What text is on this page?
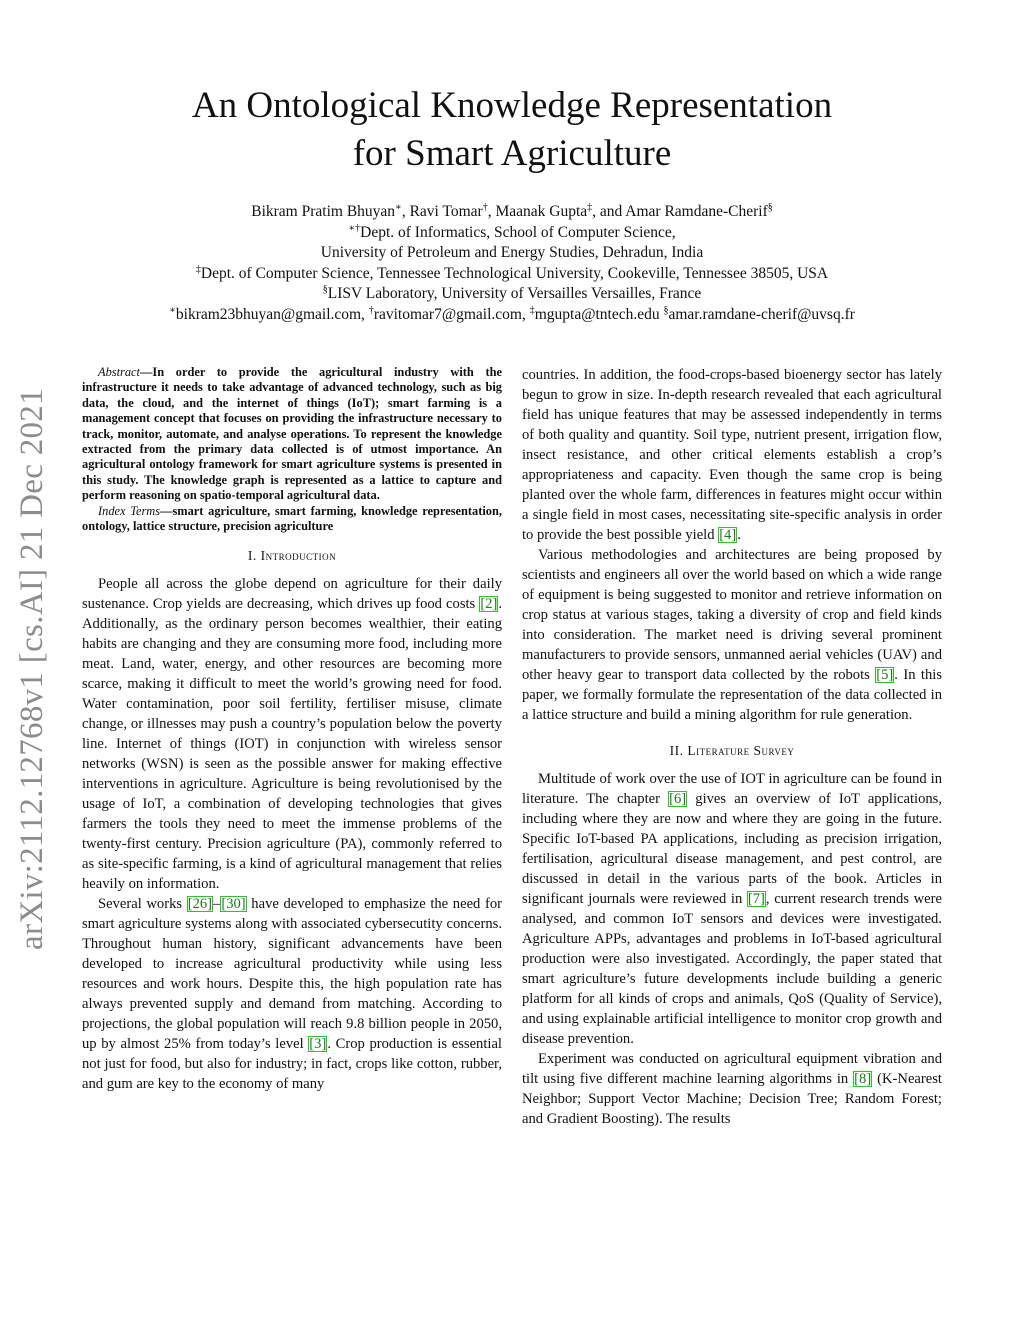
arXiv:2112.12768v1 [cs.AI] 21 Dec 2021
An Ontological Knowledge Representation
for Smart Agriculture
Bikram Pratim Bhuyan∗, Ravi Tomar†, Maanak Gupta‡, and Amar Ramdane-Cherif§
∗†Dept. of Informatics, School of Computer Science,
University of Petroleum and Energy Studies, Dehradun, India
‡Dept. of Computer Science, Tennessee Technological University, Cookeville, Tennessee 38505, USA
§LISV Laboratory, University of Versailles Versailles, France
∗bikram23bhuyan@gmail.com, †ravitomar7@gmail.com, ‡mgupta@tntech.edu §amar.ramdane-cherif@uvsq.fr

Abstract—In order to provide the agricultural industry with the infrastructure it needs to take advantage of advanced technology, such as big data, the cloud, and the internet of things (IoT); smart farming is a management concept that focuses on providing the infrastructure necessary to track, monitor, automate, and analyse operations. To represent the knowledge extracted from the primary data collected is of utmost importance. An agricultural ontology framework for smart agriculture systems is presented in this study. The knowledge graph is represented as a lattice to capture and perform reasoning on spatio-temporal agricultural data.

Index Terms—smart agriculture, smart farming, knowledge representation, ontology, lattice structure, precision agriculture

I. Introduction

People all across the globe depend on agriculture for their daily sustenance. Crop yields are decreasing, which drives up food costs [2]. Additionally, as the ordinary person becomes wealthier, their eating habits are changing and they are consuming more food, including more meat. Land, water, energy, and other resources are becoming more scarce, making it difficult to meet the world’s growing need for food. Water contamination, poor soil fertility, fertiliser misuse, climate change, or illnesses may push a country’s population below the poverty line. Internet of things (IOT) in conjunction with wireless sensor networks (WSN) is seen as the possible answer for making effective interventions in agriculture. Agriculture is being revolutionised by the usage of IoT, a combination of developing technologies that gives farmers the tools they need to meet the immense problems of the twenty-first century. Precision agriculture (PA), commonly referred to as site-specific farming, is a kind of agricultural management that relies heavily on information.

Several works [26]–[30] have developed to emphasize the need for smart agriculture systems along with associated cybersecutity concerns. Throughout human history, significant advancements have been developed to increase agricultural productivity while using less resources and work hours. Despite this, the high population rate has always prevented supply and demand from matching. According to projections, the global population will reach 9.8 billion people in 2050, up by almost 25% from today’s level [3]. Crop production is essential not just for food, but also for industry; in fact, crops like cotton, rubber, and gum are key to the economy of many

countries. In addition, the food-crops-based bioenergy sector has lately begun to grow in size. In-depth research revealed that each agricultural field has unique features that may be assessed independently in terms of both quality and quantity. Soil type, nutrient present, irrigation flow, insect resistance, and other critical elements establish a crop’s appropriateness and capacity. Even though the same crop is being planted over the whole farm, differences in features might occur within a single field in most cases, necessitating site-specific analysis in order to provide the best possible yield [4].

Various methodologies and architectures are being proposed by scientists and engineers all over the world based on which a wide range of equipment is being suggested to monitor and retrieve information on crop status at various stages, taking a diversity of crop and field kinds into consideration. The market need is driving several prominent manufacturers to provide sensors, unmanned aerial vehicles (UAV) and other heavy gear to transport data collected by the robots [5]. In this paper, we formally formulate the representation of the data collected in a lattice structure and build a mining algorithm for rule generation.

II. Literature Survey

Multitude of work over the use of IOT in agriculture can be found in literature. The chapter [6] gives an overview of IoT applications, including where they are now and where they are going in the future. Specific IoT-based PA applications, including as precision irrigation, fertilisation, agricultural disease management, and pest control, are discussed in detail in the various parts of the book. Articles in significant journals were reviewed in [7], current research trends were analysed, and common IoT sensors and devices were investigated. Agriculture APPs, advantages and problems in IoT-based agricultural production were also investigated. Accordingly, the paper stated that smart agriculture’s future developments include building a generic platform for all kinds of crops and animals, QoS (Quality of Service), and using explainable artificial intelligence to monitor crop growth and disease prevention.

Experiment was conducted on agricultural equipment vibration and tilt using five different machine learning algorithms in [8] (K-Nearest Neighbor; Support Vector Machine; Decision Tree; Random Forest; and Gradient Boosting). The results
